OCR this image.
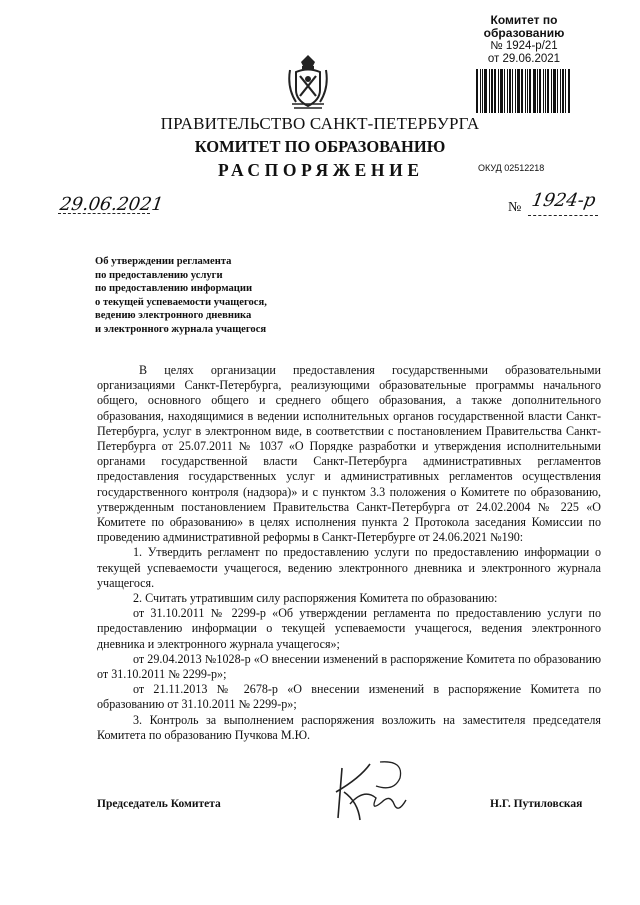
Комитет по образованию
№ 1924-р/21
от 29.06.2021
ПРАВИТЕЛЬСТВО САНКТ-ПЕТЕРБУРГА
КОМИТЕТ ПО ОБРАЗОВАНИЮ
РАСПОРЯЖЕНИЕ	ОКУД 02512218
29.06.2021	№ 1924-р
Об утверждении регламента
по предоставлению услуги
по предоставлению информации
о текущей успеваемости учащегося,
ведению электронного дневника
и электронного журнала учащегося

В целях организации предоставления государственными образовательными организациями Санкт-Петербурга, реализующими образовательные программы начального общего, основного общего и среднего общего образования, а также дополнительного образования, находящимися в ведении исполнительных органов государственной власти Санкт-Петербурга, услуг в электронном виде, в соответствии с постановлением Правительства Санкт-Петербурга от 25.07.2011 № 1037 «О Порядке разработки и утверждения исполнительными органами государственной власти Санкт-Петербурга административных регламентов предоставления государственных услуг и административных регламентов осуществления государственного контроля (надзора)» и с пунктом 3.3 положения о Комитете по образованию, утвержденным постановлением Правительства Санкт-Петербурга от 24.02.2004 № 225 «О Комитете по образованию» в целях исполнения пункта 2 Протокола заседания Комиссии по проведению административной реформы в Санкт-Петербурге от 24.06.2021 №190:

1. Утвердить регламент по предоставлению услуги по предоставлению информации о текущей успеваемости учащегося, ведению электронного дневника и электронного журнала учащегося.

2. Считать утратившим силу распоряжения Комитета по образованию:

от 31.10.2011 № 2299-р «Об утверждении регламента по предоставлению услуги по предоставлению информации о текущей успеваемости учащегося, ведения электронного дневника и электронного журнала учащегося»;

от 29.04.2013 №1028-р «О внесении изменений в распоряжение Комитета по образованию от 31.10.2011 № 2299-р»;

от 21.11.2013 № 2678-р «О внесении изменений в распоряжение Комитета по образованию от 31.10.2011 № 2299-р»;

3. Контроль за выполнением распоряжения возложить на заместителя председателя Комитета по образованию Пучкова М.Ю.

Председатель Комитета	Н.Г. Путиловская
